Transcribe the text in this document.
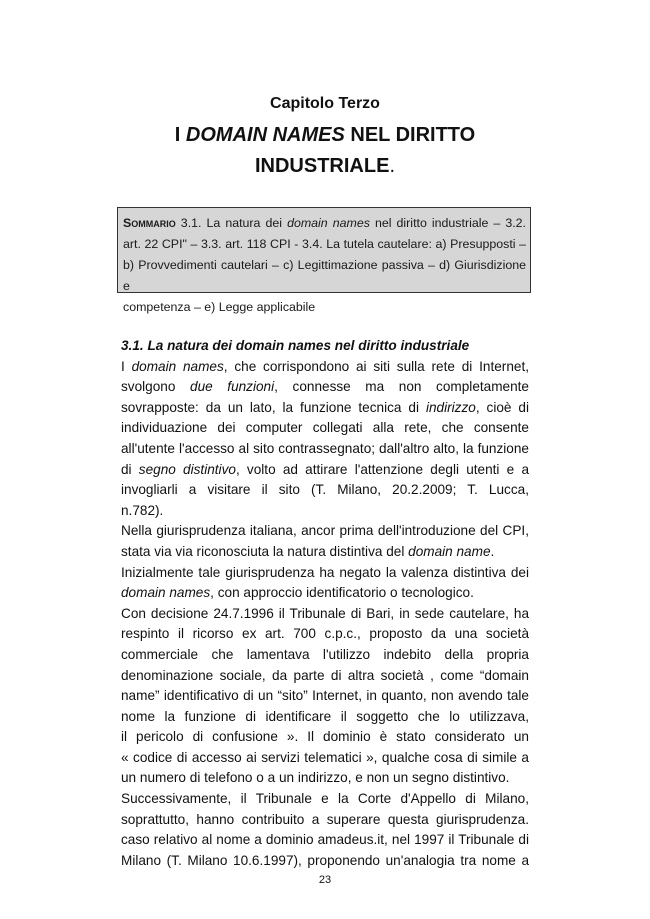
Capitolo Terzo
I DOMAIN NAMES NEL DIRITTO
INDUSTRIALE.
Sommario 3.1. La natura dei domain names nel diritto industriale – 3.2.
art. 22 CPI" – 3.3. art. 118 CPI - 3.4. La tutela cautelare: a) Presupposti –
b) Provvedimenti cautelari – c) Legittimazione passiva – d) Giurisdizione e
competenza – e) Legge applicabile

3.1. La natura dei domain names nel diritto industriale

I domain names, che corrispondono ai siti sulla rete di Internet,
svolgono due funzioni, connesse ma non completamente
sovrapposte: da un lato, la funzione tecnica di indirizzo, cioè di
individuazione dei computer collegati alla rete, che consente
all'utente l'accesso al sito contrassegnato; dall'altro alto, la funzione
di segno distintivo, volto ad attirare l'attenzione degli utenti e a
invogliarli a visitare il sito (T. Milano, 20.2.2009; T. Lucca,
n.782).
Nella giurisprudenza italiana, ancor prima dell'introduzione del CPI,
stata via via riconosciuta la natura distintiva del domain name.
Inizialmente tale giurisprudenza ha negato la valenza distintiva dei
domain names, con approccio identificatorio o tecnologico.
Con decisione 24.7.1996 il Tribunale di Bari, in sede cautelare, ha
respinto il ricorso ex art. 700 c.p.c., proposto da una società
commerciale che lamentava l'utilizzo indebito della propria
denominazione sociale, da parte di altra società , come “domain
name” identificativo di un “sito” Internet, in quanto, non avendo tale
nome la funzione di identificare il soggetto che lo utilizzava,
il pericolo di confusione ». Il dominio è stato considerato un
« codice di accesso ai servizi telematici », qualche cosa di simile a
un numero di telefono o a un indirizzo, e non un segno distintivo.
Successivamente, il Tribunale e la Corte d'Appello di Milano,
soprattutto, hanno contribuito a superare questa giurisprudenza.
caso relativo al nome a dominio amadeus.it, nel 1997 il Tribunale di
Milano (T. Milano 10.6.1997), proponendo un'analogia tra nome a
23
